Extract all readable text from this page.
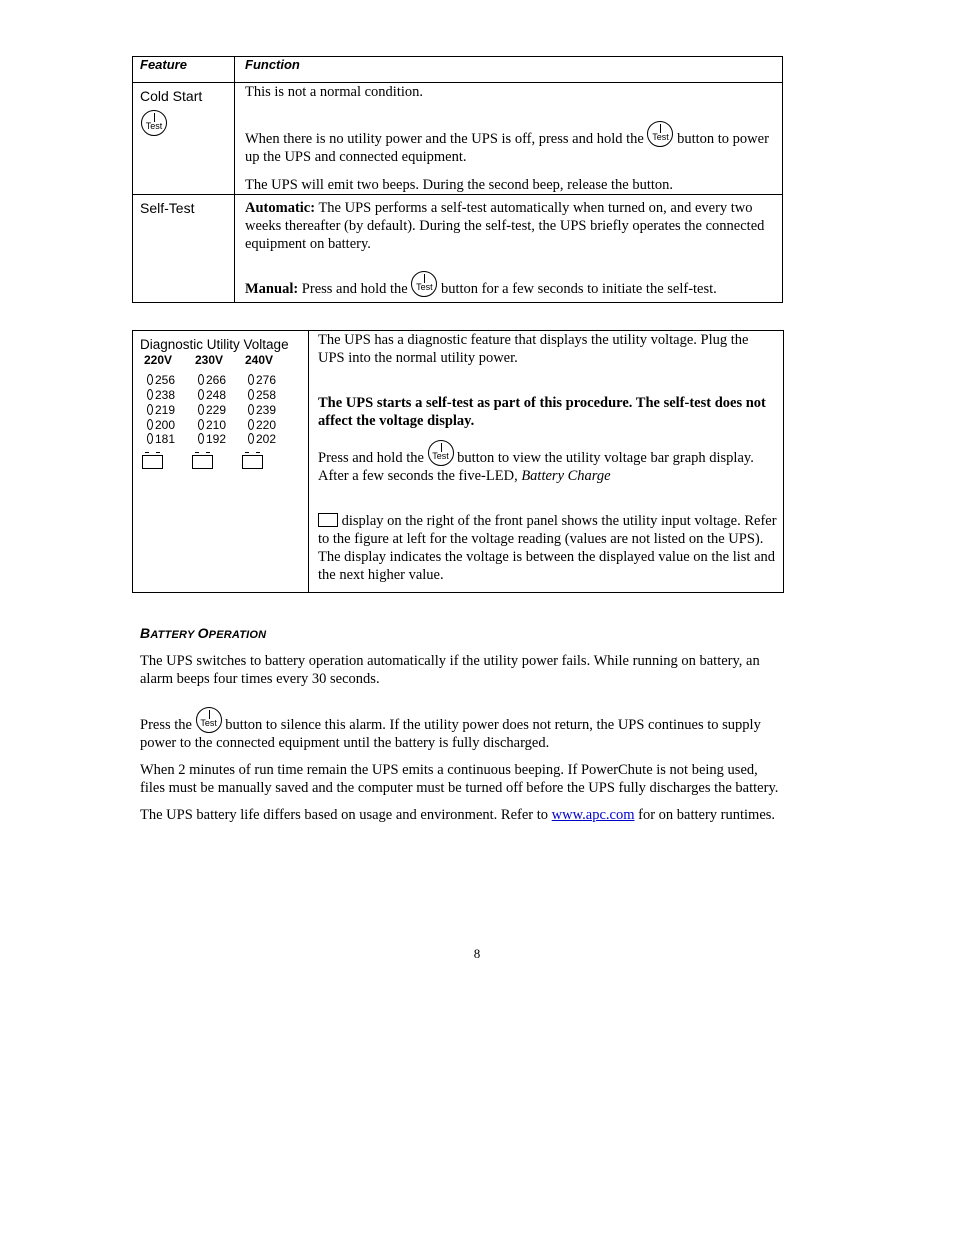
Feature	Function
Cold Start
Test

This is not a normal condition.

When there is no utility power and the UPS is off, press and hold the Test button to power up the UPS and connected equipment.

The UPS will emit two beeps. During the second beep, release the button.

Self-Test	Automatic: The UPS performs a self-test automatically when turned on, and every two weeks thereafter (by default). During the self-test, the UPS briefly operates the connected equipment on battery.

Manual: Press and hold the Test button for a few seconds to initiate the self-test.

Diagnostic Utility Voltage
220V 230V 240V
256
238
219
200
181
266
248
229
210
192
276
258
239
220
202

The UPS has a diagnostic feature that displays the utility voltage. Plug the UPS into the normal utility power.

The UPS starts a self-test as part of this procedure. The self-test does not affect the voltage display.

Press and hold the Test button to view the utility voltage bar graph display. After a few seconds the five-LED, Battery Charge

display on the right of the front panel shows the utility input voltage. Refer to the figure at left for the voltage reading (values are not listed on the UPS). The display indicates the voltage is between the displayed value on the list and the next higher value.

BATTERY OPERATION

The UPS switches to battery operation automatically if the utility power fails. While running on battery, an alarm beeps four times every 30 seconds.

Press the Test button to silence this alarm. If the utility power does not return, the UPS continues to supply power to the connected equipment until the battery is fully discharged.

When 2 minutes of run time remain the UPS emits a continuous beeping. If PowerChute is not being used, files must be manually saved and the computer must be turned off before the UPS fully discharges the battery.

The UPS battery life differs based on usage and environment. Refer to www.apc.com for on battery runtimes.

8
